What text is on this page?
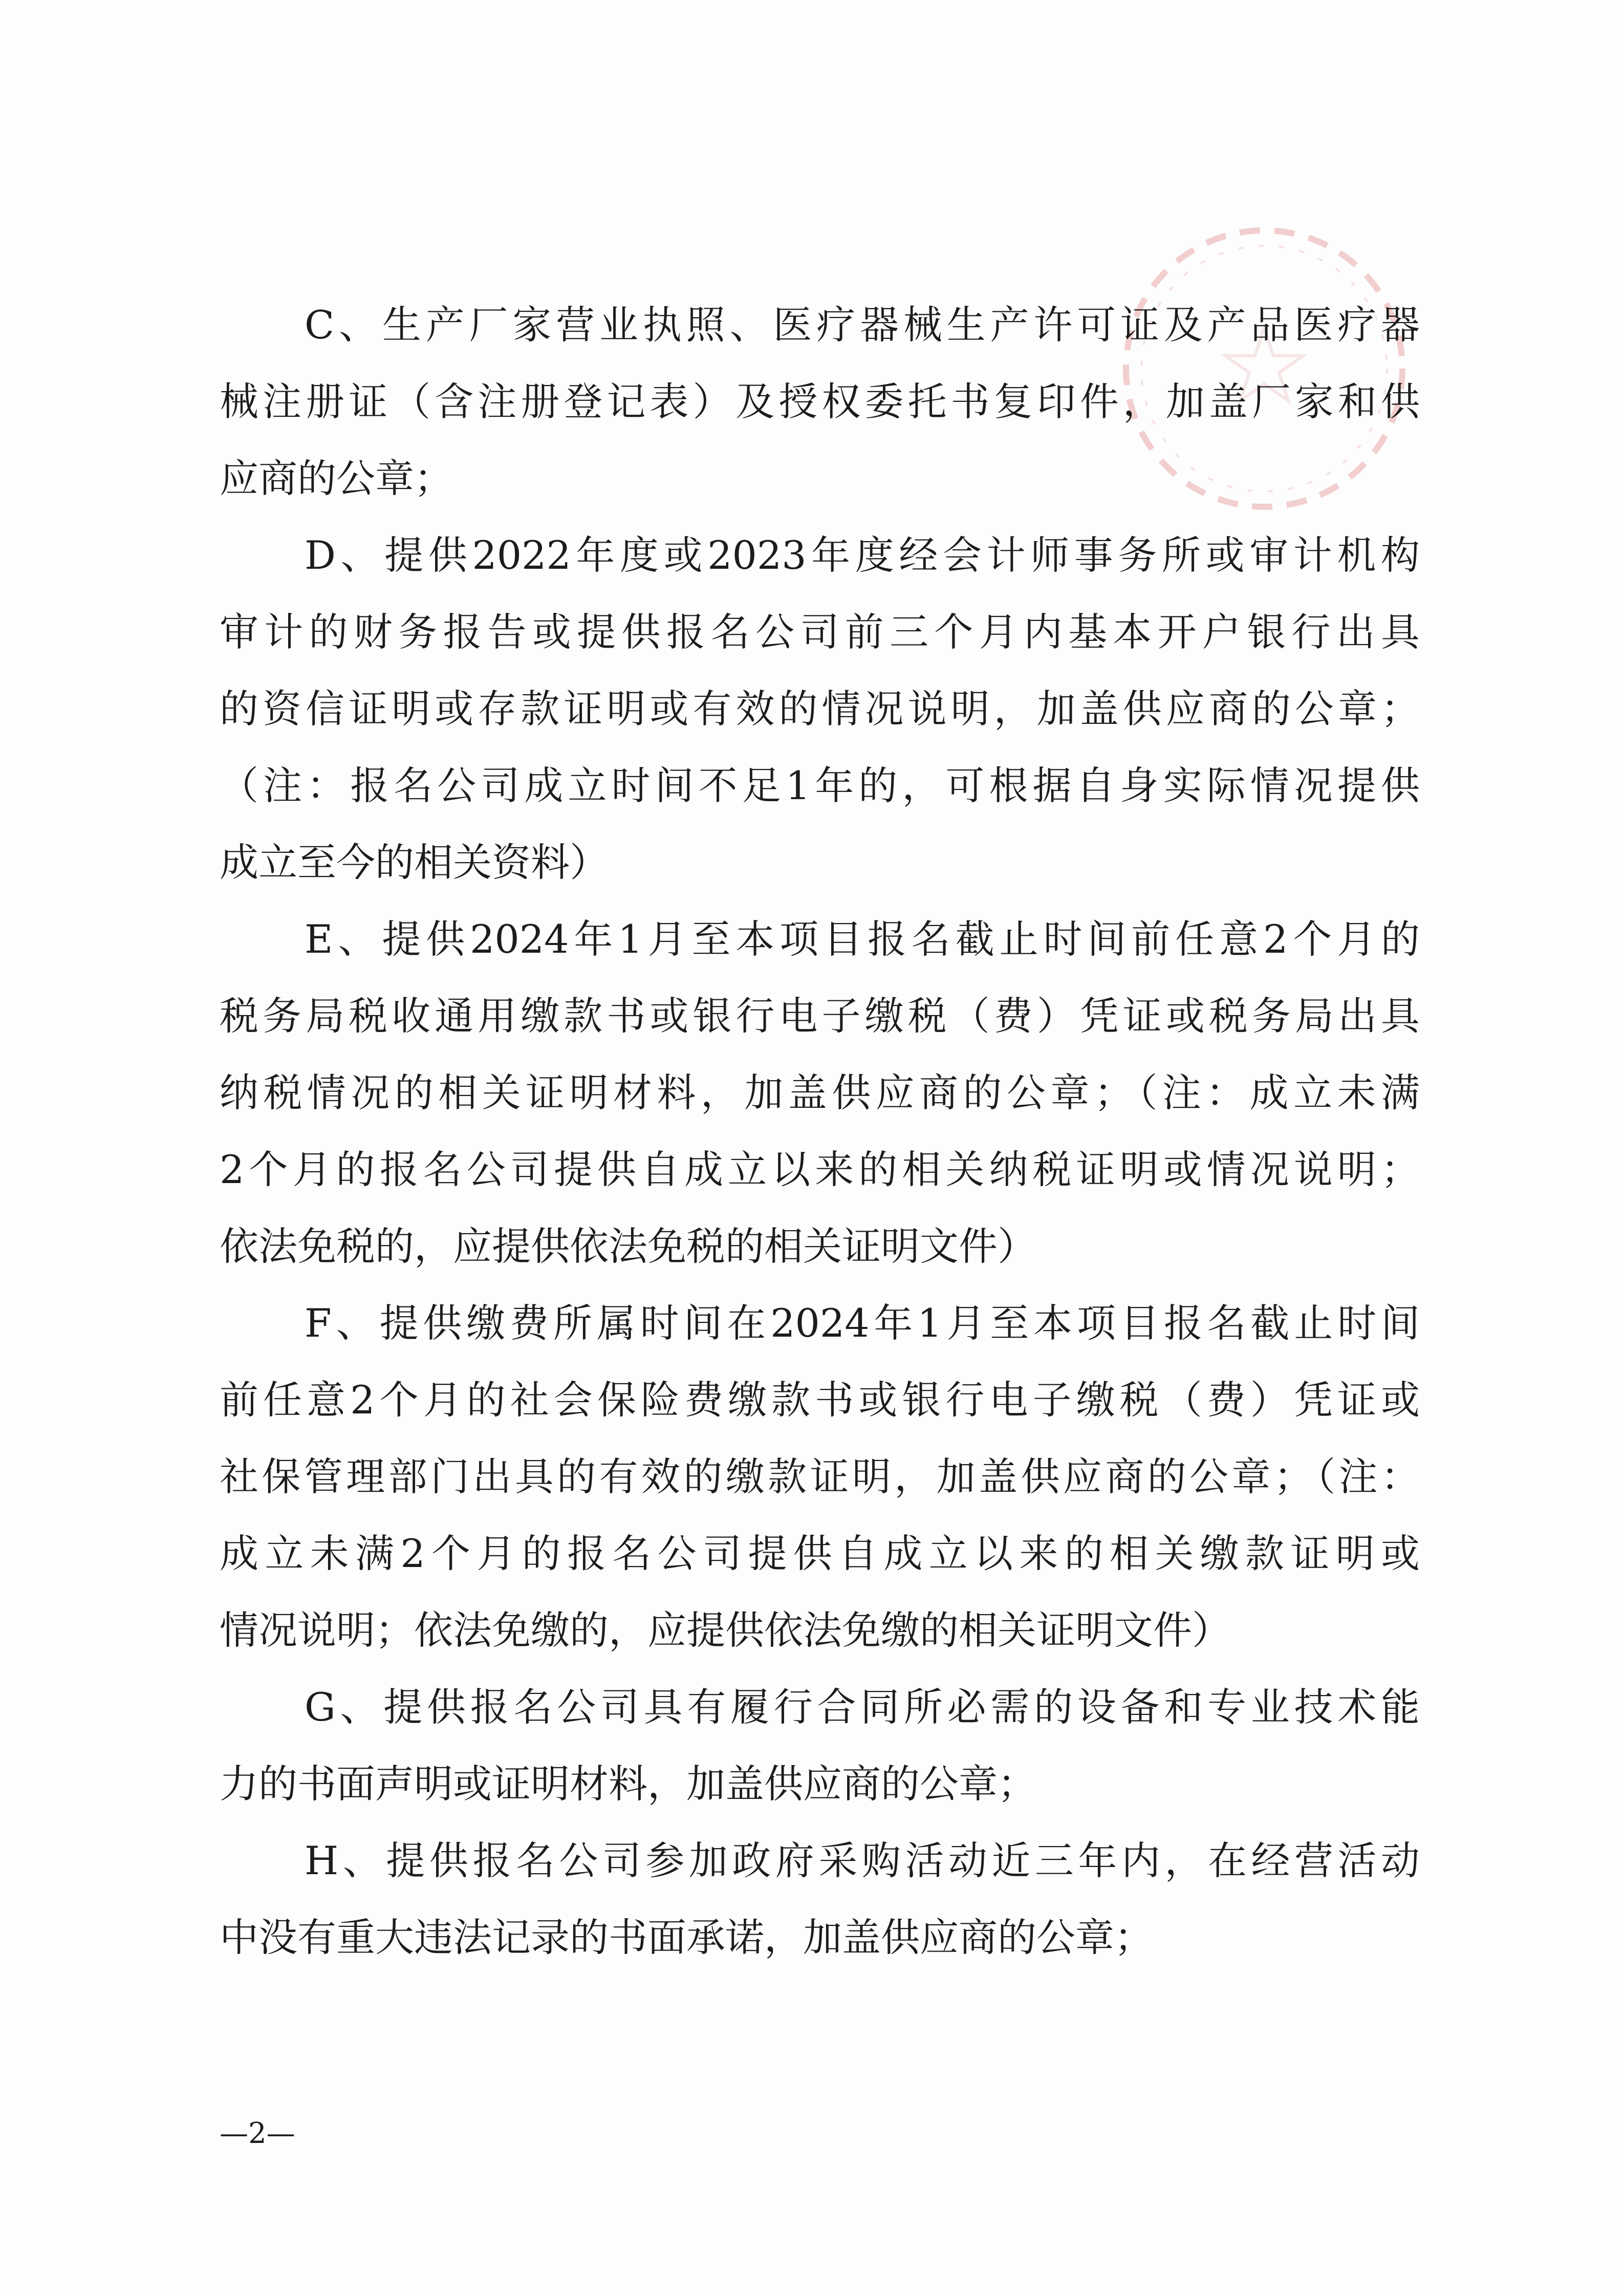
C、生产厂家营业执照、医疗器械生产许可证及产品医疗器
械注册证（含注册登记表）及授权委托书复印件，加盖厂家和供
应商的公章；
D、提供2022年度或2023年度经会计师事务所或审计机构
审计的财务报告或提供报名公司前三个月内基本开户银行出具
的资信证明或存款证明或有效的情况说明，加盖供应商的公章；
（注：报名公司成立时间不足1年的，可根据自身实际情况提供
成立至今的相关资料）
E、提供2024年1月至本项目报名截止时间前任意2个月的
税务局税收通用缴款书或银行电子缴税（费）凭证或税务局出具
纳税情况的相关证明材料，加盖供应商的公章；（注：成立未满
2个月的报名公司提供自成立以来的相关纳税证明或情况说明；
依法免税的，应提供依法免税的相关证明文件）
F、提供缴费所属时间在2024年1月至本项目报名截止时间
前任意2个月的社会保险费缴款书或银行电子缴税（费）凭证或
社保管理部门出具的有效的缴款证明，加盖供应商的公章；（注：
成立未满2个月的报名公司提供自成立以来的相关缴款证明或
情况说明；依法免缴的，应提供依法免缴的相关证明文件）
G、提供报名公司具有履行合同所必需的设备和专业技术能
力的书面声明或证明材料，加盖供应商的公章；
H、提供报名公司参加政府采购活动近三年内，在经营活动
中没有重大违法记录的书面承诺，加盖供应商的公章；
—2—
